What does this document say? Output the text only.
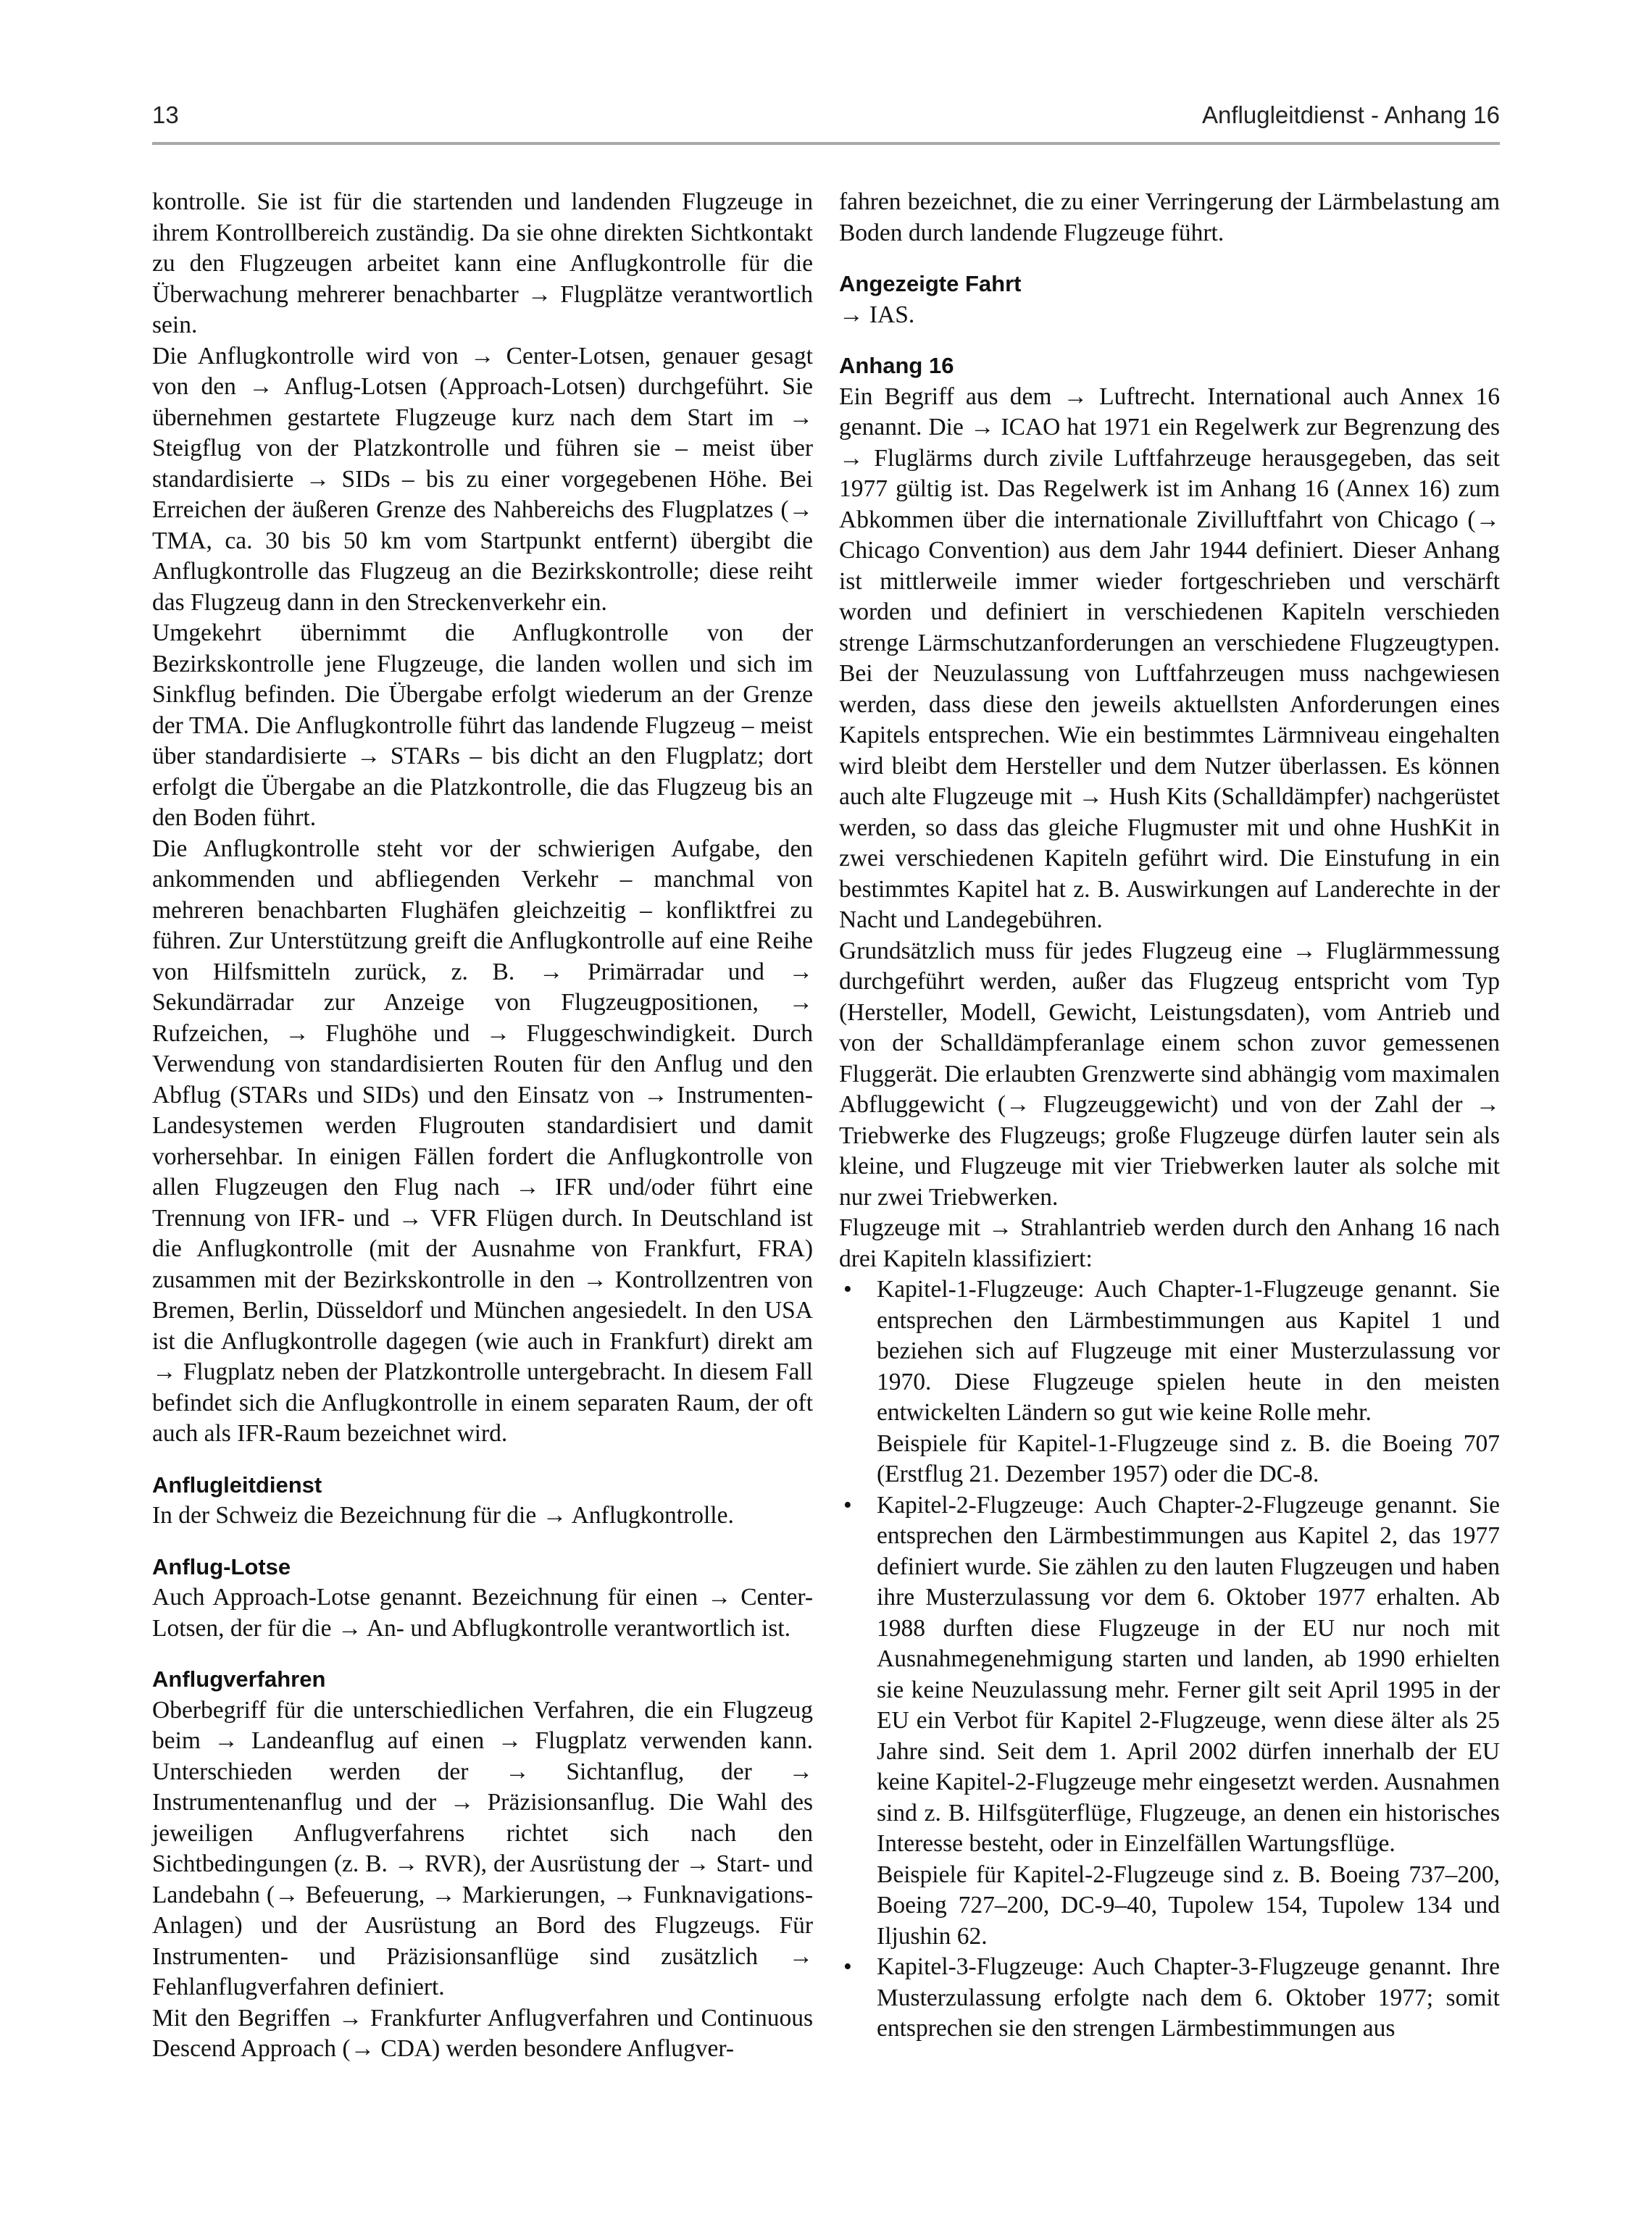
13	Anflugleitdienst - Anhang 16

kontrolle. Sie ist für die startenden und landenden Flugzeuge in ihrem Kontrollbereich zuständig. Da sie ohne direkten Sichtkontakt zu den Flugzeugen arbeitet kann eine Anflugkontrolle für die Überwachung mehrerer benachbarter → Flugplätze verantwortlich sein.

Die Anflugkontrolle wird von → Center-Lotsen, genauer gesagt von den → Anflug-Lotsen (Approach-Lotsen) durchgeführt. Sie übernehmen gestartete Flugzeuge kurz nach dem Start im → Steigflug von der Platzkontrolle und führen sie – meist über standardisierte → SIDs – bis zu einer vorgegebenen Höhe. Bei Erreichen der äußeren Grenze des Nahbereichs des Flugplatzes (→ TMA, ca. 30 bis 50 km vom Startpunkt entfernt) übergibt die Anflugkontrolle das Flugzeug an die Bezirkskontrolle; diese reiht das Flugzeug dann in den Streckenverkehr ein.

Umgekehrt übernimmt die Anflugkontrolle von der Bezirkskontrolle jene Flugzeuge, die landen wollen und sich im Sinkflug befinden. Die Übergabe erfolgt wiederum an der Grenze der TMA. Die Anflugkontrolle führt das landende Flugzeug – meist über standardisierte → STARs – bis dicht an den Flugplatz; dort erfolgt die Übergabe an die Platzkontrolle, die das Flugzeug bis an den Boden führt.

Die Anflugkontrolle steht vor der schwierigen Aufgabe, den ankommenden und abfliegenden Verkehr – manchmal von mehreren benachbarten Flughäfen gleichzeitig – konfliktfrei zu führen. Zur Unterstützung greift die Anflugkontrolle auf eine Reihe von Hilfsmitteln zurück, z. B. → Primärradar und → Sekundärradar zur Anzeige von Flugzeugpositionen, → Rufzeichen, → Flughöhe und → Fluggeschwindigkeit. Durch Verwendung von standardisierten Routen für den Anflug und den Abflug (STARs und SIDs) und den Einsatz von → Instrumenten-Landesystemen werden Flugrouten standardisiert und damit vorhersehbar. In einigen Fällen fordert die Anflugkontrolle von allen Flugzeugen den Flug nach → IFR und/oder führt eine Trennung von IFR- und → VFR Flügen durch. In Deutschland ist die Anflugkontrolle (mit der Ausnahme von Frankfurt, FRA) zusammen mit der Bezirkskontrolle in den → Kontrollzentren von Bremen, Berlin, Düsseldorf und München angesiedelt. In den USA ist die Anflugkontrolle dagegen (wie auch in Frankfurt) direkt am → Flugplatz neben der Platzkontrolle untergebracht. In diesem Fall befindet sich die Anflugkontrolle in einem separaten Raum, der oft auch als IFR-Raum bezeichnet wird.

Anflugleitdienst

In der Schweiz die Bezeichnung für die → Anflugkontrolle.

Anflug-Lotse

Auch Approach-Lotse genannt. Bezeichnung für einen → Center-Lotsen, der für die → An- und Abflugkontrolle verantwortlich ist.

Anflugverfahren

Oberbegriff für die unterschiedlichen Verfahren, die ein Flugzeug beim → Landeanflug auf einen → Flugplatz verwenden kann. Unterschieden werden der → Sichtanflug, der → Instrumentenanflug und der → Präzisionsanflug. Die Wahl des jeweiligen Anflugverfahrens richtet sich nach den Sichtbedingungen (z. B. → RVR), der Ausrüstung der → Start- und Landebahn (→ Befeuerung, → Markierungen, → Funknavigations-Anlagen) und der Ausrüstung an Bord des Flugzeugs. Für Instrumenten- und Präzisionsanflüge sind zusätzlich → Fehlanflugverfahren definiert.

Mit den Begriffen → Frankfurter Anflugverfahren und Continuous Descend Approach (→ CDA) werden besondere Anflugver-

fahren bezeichnet, die zu einer Verringerung der Lärmbelastung am Boden durch landende Flugzeuge führt.

Angezeigte Fahrt

→ IAS.

Anhang 16

Ein Begriff aus dem → Luftrecht. International auch Annex 16 genannt. Die → ICAO hat 1971 ein Regelwerk zur Begrenzung des → Fluglärms durch zivile Luftfahrzeuge herausgegeben, das seit 1977 gültig ist. Das Regelwerk ist im Anhang 16 (Annex 16) zum Abkommen über die internationale Zivilluftfahrt von Chicago (→ Chicago Convention) aus dem Jahr 1944 definiert. Dieser Anhang ist mittlerweile immer wieder fortgeschrieben und verschärft worden und definiert in verschiedenen Kapiteln verschieden strenge Lärmschutzanforderungen an verschiedene Flugzeugtypen. Bei der Neuzulassung von Luftfahrzeugen muss nachgewiesen werden, dass diese den jeweils aktuellsten Anforderungen eines Kapitels entsprechen. Wie ein bestimmtes Lärmniveau eingehalten wird bleibt dem Hersteller und dem Nutzer überlassen. Es können auch alte Flugzeuge mit → Hush Kits (Schalldämpfer) nachgerüstet werden, so dass das gleiche Flugmuster mit und ohne HushKit in zwei verschiedenen Kapiteln geführt wird. Die Einstufung in ein bestimmtes Kapitel hat z. B. Auswirkungen auf Landerechte in der Nacht und Landegebühren.

Grundsätzlich muss für jedes Flugzeug eine → Fluglärmmessung durchgeführt werden, außer das Flugzeug entspricht vom Typ (Hersteller, Modell, Gewicht, Leistungsdaten), vom Antrieb und von der Schalldämpferanlage einem schon zuvor gemessenen Fluggerät. Die erlaubten Grenzwerte sind abhängig vom maximalen Abfluggewicht (→ Flugzeuggewicht) und von der Zahl der → Triebwerke des Flugzeugs; große Flugzeuge dürfen lauter sein als kleine, und Flugzeuge mit vier Triebwerken lauter als solche mit nur zwei Triebwerken.

Flugzeuge mit → Strahlantrieb werden durch den Anhang 16 nach drei Kapiteln klassifiziert:

• Kapitel-1-Flugzeuge: Auch Chapter-1-Flugzeuge genannt. Sie entsprechen den Lärmbestimmungen aus Kapitel 1 und beziehen sich auf Flugzeuge mit einer Musterzulassung vor 1970. Diese Flugzeuge spielen heute in den meisten entwickelten Ländern so gut wie keine Rolle mehr.

Beispiele für Kapitel-1-Flugzeuge sind z. B. die Boeing 707 (Erstflug 21. Dezember 1957) oder die DC-8.

• Kapitel-2-Flugzeuge: Auch Chapter-2-Flugzeuge genannt. Sie entsprechen den Lärmbestimmungen aus Kapitel 2, das 1977 definiert wurde. Sie zählen zu den lauten Flugzeugen und haben ihre Musterzulassung vor dem 6. Oktober 1977 erhalten. Ab 1988 durften diese Flugzeuge in der EU nur noch mit Ausnahmegenehmigung starten und landen, ab 1990 erhielten sie keine Neuzulassung mehr. Ferner gilt seit April 1995 in der EU ein Verbot für Kapitel 2-Flugzeuge, wenn diese älter als 25 Jahre sind. Seit dem 1. April 2002 dürfen innerhalb der EU keine Kapitel-2-Flugzeuge mehr eingesetzt werden. Ausnahmen sind z. B. Hilfsgüterflüge, Flugzeuge, an denen ein historisches Interesse besteht, oder in Einzelfällen Wartungsflüge.

Beispiele für Kapitel-2-Flugzeuge sind z. B. Boeing 737–200, Boeing 727–200, DC-9–40, Tupolew 154, Tupolew 134 und Iljushin 62.

• Kapitel-3-Flugzeuge: Auch Chapter-3-Flugzeuge genannt. Ihre Musterzulassung erfolgte nach dem 6. Oktober 1977; somit entsprechen sie den strengen Lärmbestimmungen aus
